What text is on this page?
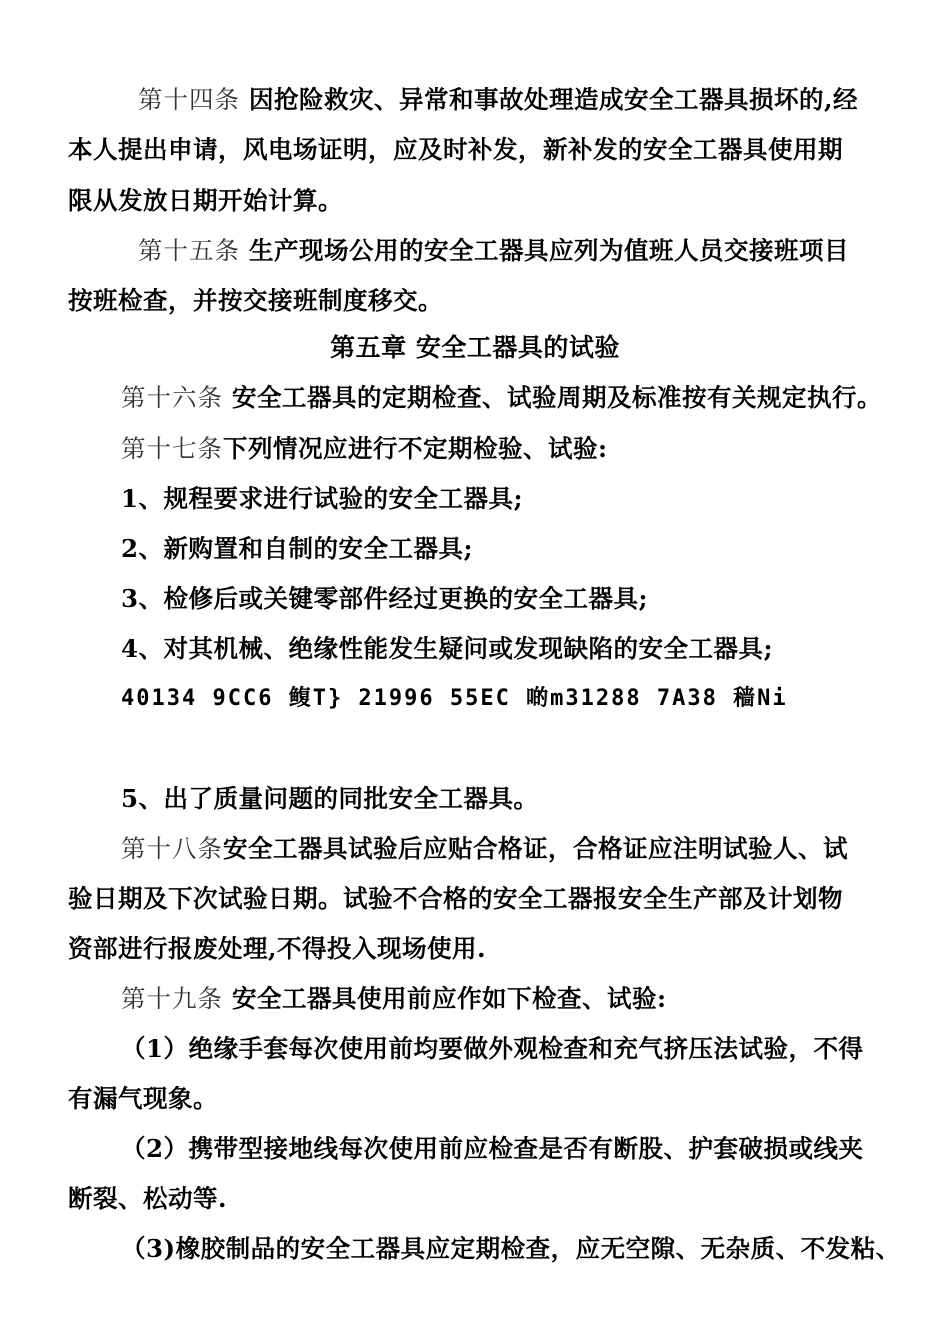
第十四条 因抢险救灾、异常和事故处理造成安全工器具损坏的,经
本人提出申请，风电场证明，应及时补发，新补发的安全工器具使用期
限从发放日期开始计算。
第十五条 生产现场公用的安全工器具应列为值班人员交接班项目
按班检查，并按交接班制度移交。
第五章 安全工器具的试验
第十六条 安全工器具的定期检查、试验周期及标准按有关规定执行。
第十七条下列情况应进行不定期检验、试验:
1、规程要求进行试验的安全工器具;
2、新购置和自制的安全工器具;
3、检修后或关键零部件经过更换的安全工器具;
4、对其机械、绝缘性能发生疑问或发现缺陷的安全工器具;
40134 9CC6 鳆T} 21996 55EC 啲m31288 7A38 穑Ni
5、出了质量问题的同批安全工器具。
第十八条安全工器具试验后应贴合格证，合格证应注明试验人、试
验日期及下次试验日期。试验不合格的安全工器报安全生产部及计划物
资部进行报废处理,不得投入现场使用.
第十九条 安全工器具使用前应作如下检查、试验:
（1）绝缘手套每次使用前均要做外观检查和充气挤压法试验，不得
有漏气现象。
（2）携带型接地线每次使用前应检查是否有断股、护套破损或线夹
断裂、松动等.
（3)橡胶制品的安全工器具应定期检查，应无空隙、无杂质、不发粘、
